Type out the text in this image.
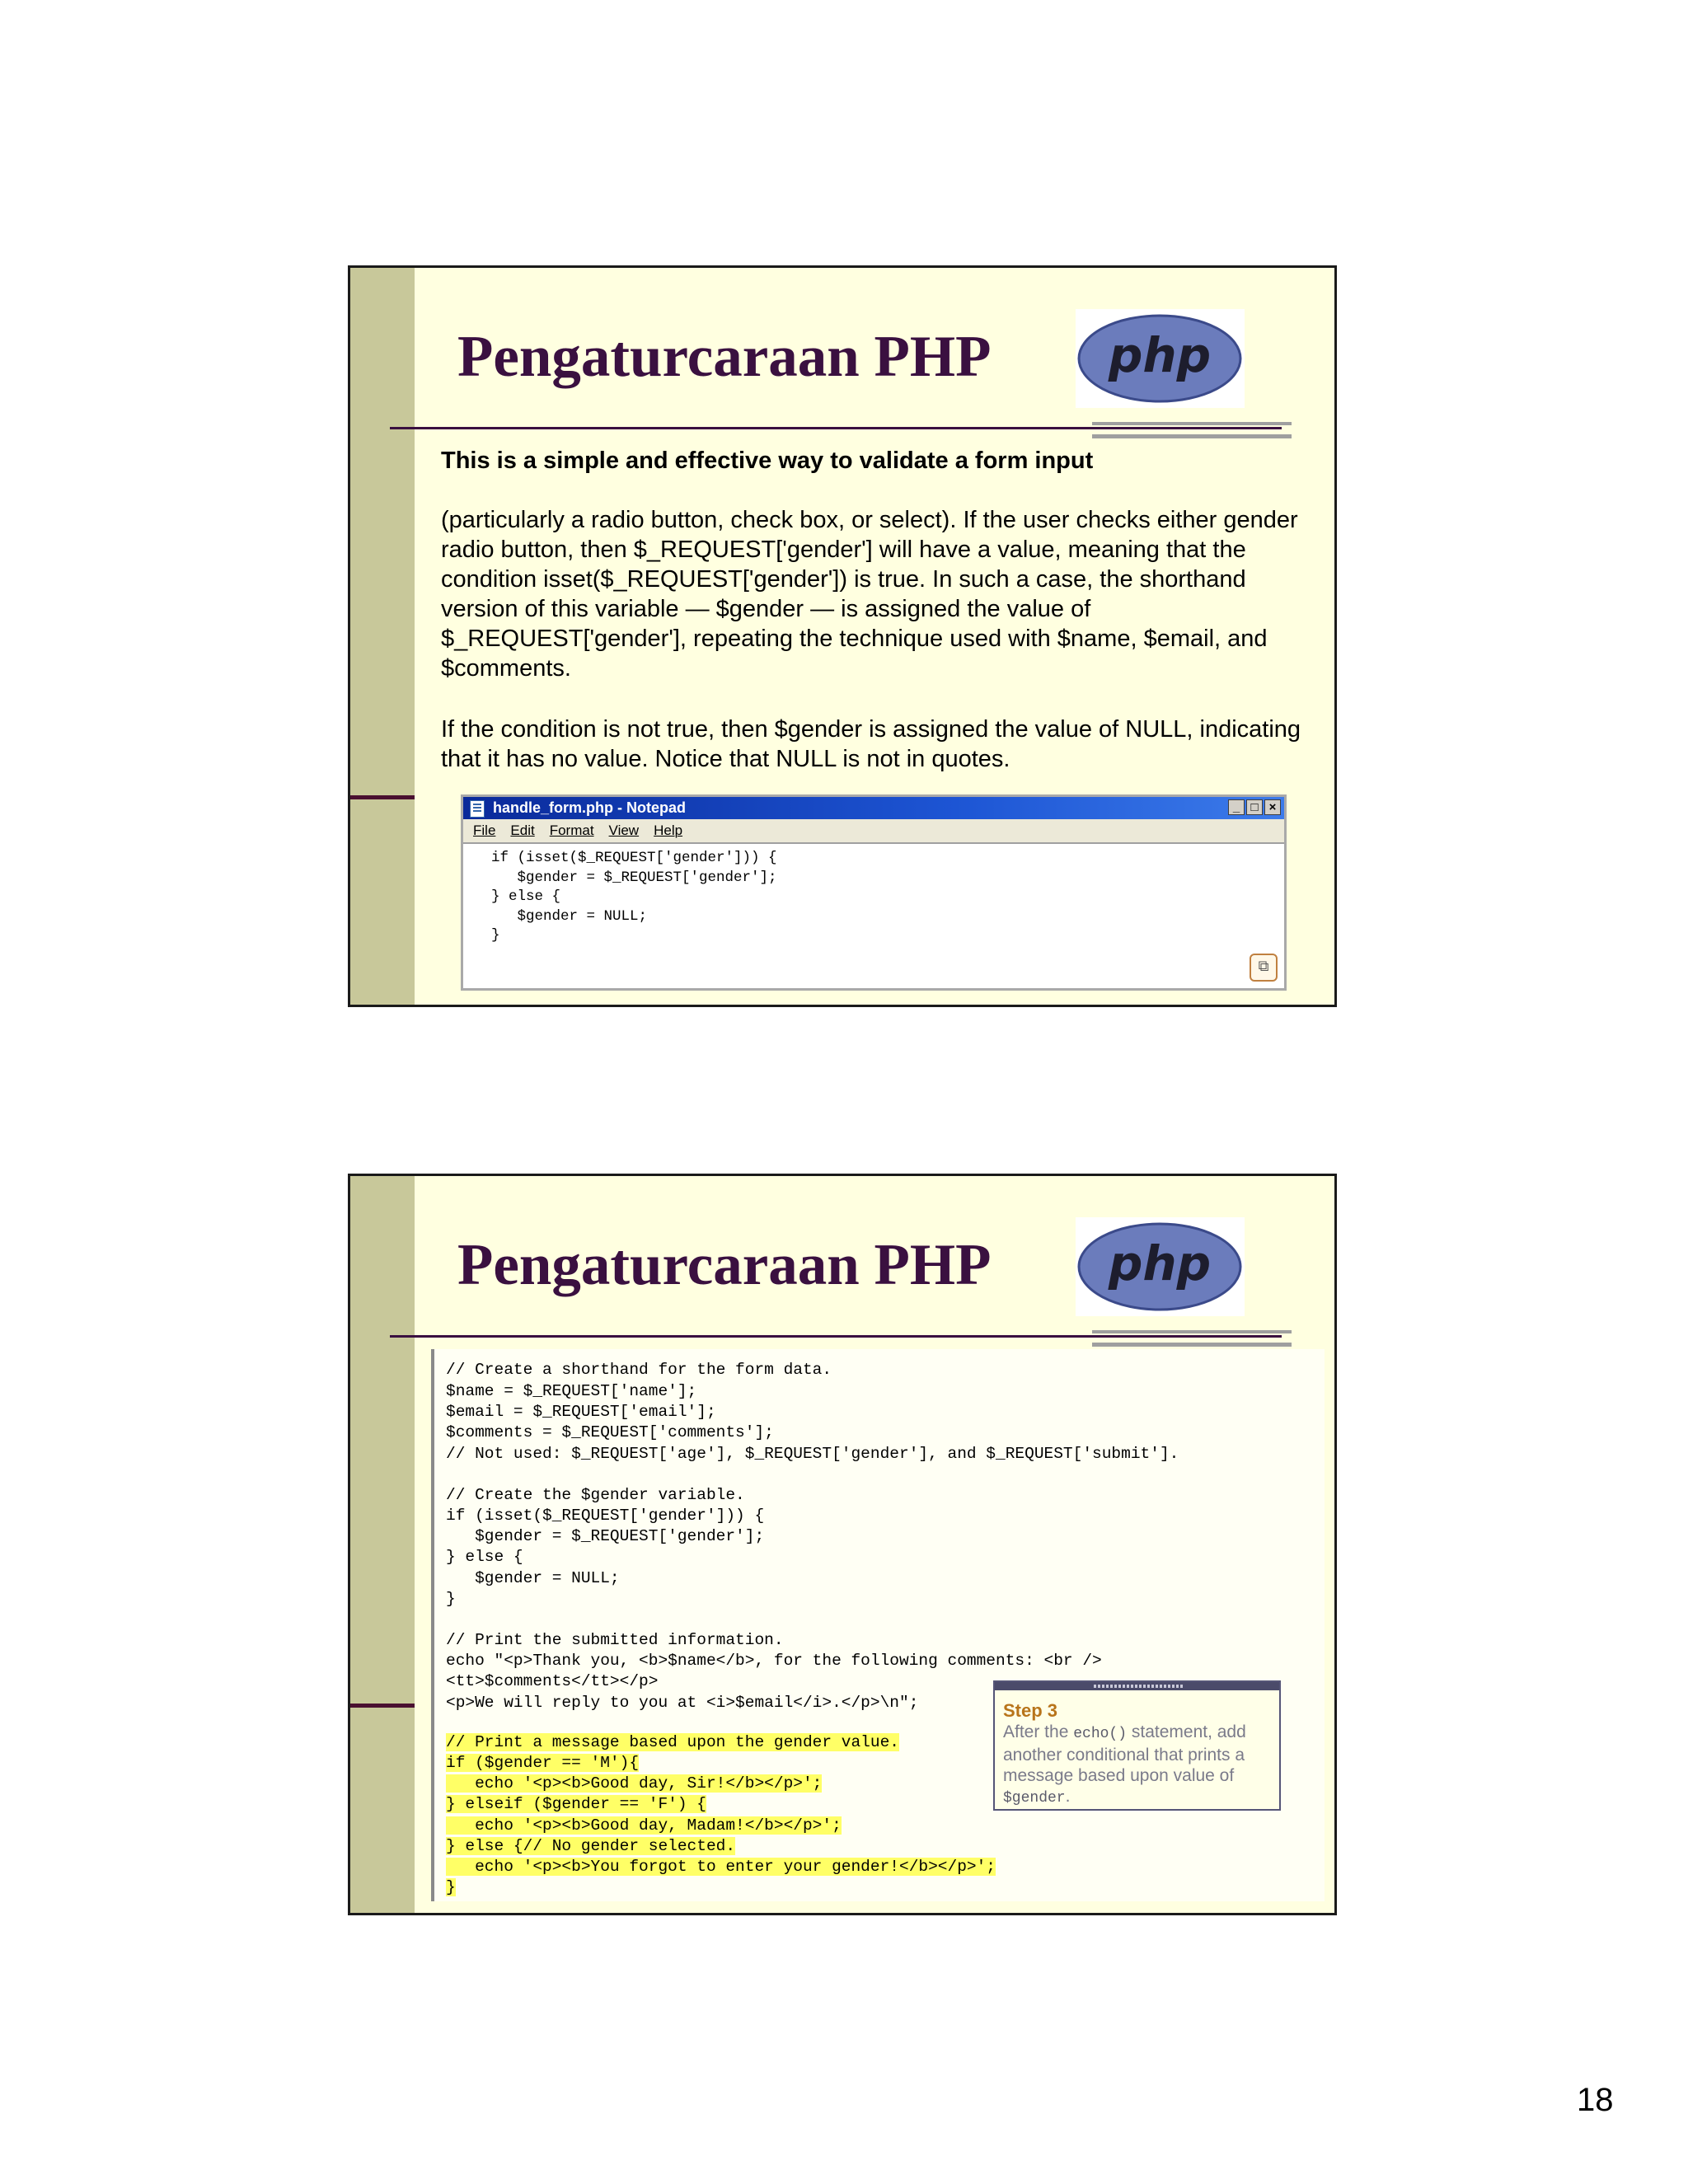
Pengaturcaraan PHP php
This is a simple and effective way to validate a form input
(particularly a radio button, check box, or select). If the user checks either gender radio button, then $_REQUEST['gender'] will have a value, meaning that the condition isset($_REQUEST['gender']) is true. In such a case, the shorthand version of this variable — $gender — is assigned the value of $_REQUEST['gender'], repeating the technique used with $name, $email, and $comments.
If the condition is not true, then $gender is assigned the value of NULL, indicating that it has no value. Notice that NULL is not in quotes.
handle_form.php - Notepad	_ □ ×
File Edit Format View Help
if (isset($_REQUEST['gender'])) {
$gender = $_REQUEST['gender'];
} else {
$gender = NULL;
}
⧉
Pengaturcaraan PHP php
// Create a shorthand for the form data.
$name = $_REQUEST['name'];
$email = $_REQUEST['email'];
$comments = $_REQUEST['comments'];
// Not used: $_REQUEST['age'], $_REQUEST['gender'], and $_REQUEST['submit'].
// Create the $gender variable.
if (isset($_REQUEST['gender'])) {
$gender = $_REQUEST['gender'];
} else {
$gender = NULL;
}
// Print the submitted information.
echo "<p>Thank you, <b>$name</b>, for the following comments: <br />
<tt>$comments</tt></p>
<p>We will reply to you at <i>$email</i>.</p>\n";
// Print a message based upon the gender value.
if ($gender == 'M'){
echo '<p><b>Good day, Sir!</b></p>';
} elseif ($gender == 'F') {
echo '<p><b>Good day, Madam!</b></p>';
} else {// No gender selected.
echo '<p><b>You forgot to enter your gender!</b></p>';
}
Step 3
After the echo() statement, add another conditional that prints a message based upon value of $gender.
18
